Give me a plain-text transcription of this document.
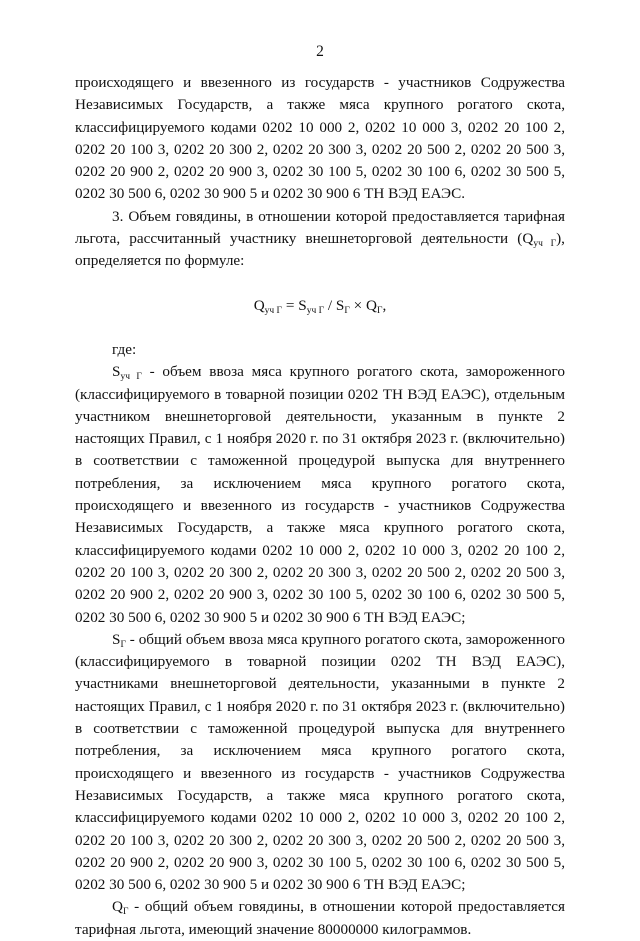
2

происходящего и ввезенного из государств - участников Содружества Независимых Государств, а также мяса крупного рогатого скота, классифицируемого кодами 0202 10 000 2, 0202 10 000 3, 0202 20 100 2, 0202 20 100 3, 0202 20 300 2, 0202 20 300 3, 0202 20 500 2, 0202 20 500 3, 0202 20 900 2, 0202 20 900 3, 0202 30 100 5, 0202 30 100 6, 0202 30 500 5, 0202 30 500 6, 0202 30 900 5 и 0202 30 900 6 ТН ВЭД ЕАЭС.

3. Объем говядины, в отношении которой предоставляется тарифная льгота, рассчитанный участнику внешнеторговой деятельности $(Q_{уч Г})$, определяется по формуле:

$Q_{уч Г} = S_{уч Г} / S_Г \times Q_Г$,

где:

$S_{уч Г}$ - объем ввоза мяса крупного рогатого скота, замороженного (классифицируемого в товарной позиции 0202 ТН ВЭД ЕАЭС), отдельным участником внешнеторговой деятельности, указанным в пункте 2 настоящих Правил, с 1 ноября 2020 г. по 31 октября 2023 г. (включительно) в соответствии с таможенной процедурой выпуска для внутреннего потребления, за исключением мяса крупного рогатого скота, происходящего и ввезенного из государств - участников Содружества Независимых Государств, а также мяса крупного рогатого скота, классифицируемого кодами 0202 10 000 2, 0202 10 000 3, 0202 20 100 2, 0202 20 100 3, 0202 20 300 2, 0202 20 300 3, 0202 20 500 2, 0202 20 500 3, 0202 20 900 2, 0202 20 900 3, 0202 30 100 5, 0202 30 100 6, 0202 30 500 5, 0202 30 500 6, 0202 30 900 5 и 0202 30 900 6 ТН ВЭД ЕАЭС;

$S_Г$ - общий объем ввоза мяса крупного рогатого скота, замороженного (классифицируемого в товарной позиции 0202 ТН ВЭД ЕАЭС), участниками внешнеторговой деятельности, указанными в пункте 2 настоящих Правил, с 1 ноября 2020 г. по 31 октября 2023 г. (включительно) в соответствии с таможенной процедурой выпуска для внутреннего потребления, за исключением мяса крупного рогатого скота, происходящего и ввезенного из государств - участников Содружества Независимых Государств, а также мяса крупного рогатого скота, классифицируемого кодами 0202 10 000 2, 0202 10 000 3, 0202 20 100 2, 0202 20 100 3, 0202 20 300 2, 0202 20 300 3, 0202 20 500 2, 0202 20 500 3, 0202 20 900 2, 0202 20 900 3, 0202 30 100 5, 0202 30 100 6, 0202 30 500 5, 0202 30 500 6, 0202 30 900 5 и 0202 30 900 6 ТН ВЭД ЕАЭС;

$Q_Г$ - общий объем говядины, в отношении которой предоставляется тарифная льгота, имеющий значение 80000000 килограммов.
